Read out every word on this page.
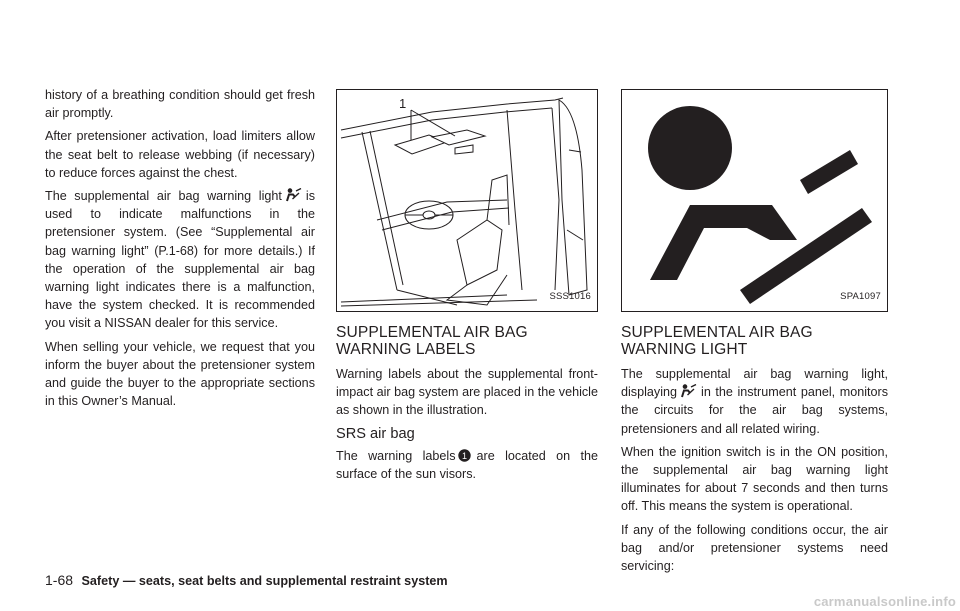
history of a breathing condition should get fresh air promptly.

After pretensioner activation, load limiters allow the seat belt to release webbing (if necessary) to reduce forces against the chest.

The supplemental air bag warning light is used to indicate malfunctions in the pretensioner system. (See “Supplemental air bag warning light” (P.1-68) for more details.) If the operation of the supplemental air bag warning light indicates there is a malfunction, have the system checked. It is recommended you visit a NISSAN dealer for this service.

When selling your vehicle, we request that you inform the buyer about the pretensioner system and guide the buyer to the appropriate sections in this Owner’s Manual.

1
SSS1016
SUPPLEMENTAL AIR BAG WARNING LABELS

Warning labels about the supplemental front-impact air bag system are placed in the vehicle as shown in the illustration.

SRS air bag

The warning labels 1 are located on the surface of the sun visors.

SPA1097
SUPPLEMENTAL AIR BAG WARNING LIGHT

The supplemental air bag warning light, displaying in the instrument panel, monitors the circuits for the air bag systems, pretensioners and all related wiring.

When the ignition switch is in the ON position, the supplemental air bag warning light illuminates for about 7 seconds and then turns off. This means the system is operational.

If any of the following conditions occur, the air bag and/or pretensioner systems need servicing:

1-68 Safety — seats, seat belts and supplemental restraint system
carmanualsonline.info
